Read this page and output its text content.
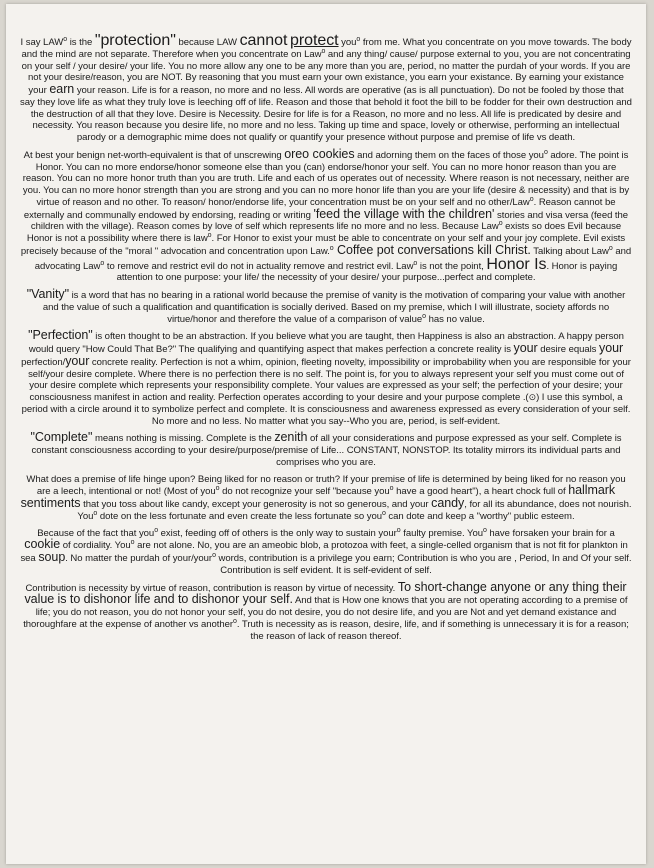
I say LAW$^o$ is the "protection" because LAW cannot protect you$^o$ from me. What you concentrate on you move towards. The body and the mind are not separate. Therefore when you concentrate on Law$^o$ and any thing/ cause/ purpose external to you, you are not concentrating on your self / your desire/ your life. You no more allow any one to be any more than you are, period, no matter the purdah of your words. If you are not your desire/reason, you are NOT. By reasoning that you must earn your own existance, you earn your existance. By earning your existance your earn your reason. Life is for a reason, no more and no less. All words are operative (as is all punctuation). Do not be fooled by those that say they love life as what they truly love is leeching off of life. Reason and those that behold it foot the bill to be fodder for their own destruction and the destruction of all that they love. Desire is Necessity. Desire for life is for a Reason, no more and no less. All life is predicated by desire and necessity. You reason because you desire life, no more and no less. Taking up time and space, lovely or otherwise, performing an intellectual parody or a demographic mime does not qualify or quantify your presence without purpose and premise of life vs death.

At best your benign net-worth-equivalent is that of unscrewing oreo cookies and adorning them on the faces of those you$^o$ adore. The point is Honor. You can no more endorse/honor someone else than you (can) endorse/honor your self. You can no more honor reason than you are reason. You can no more honor truth than you are truth. Life and each of us operates out of necessity. Where reason is not necessary, neither are you. You can no more honor strength than you are strong and you can no more honor life than you are your life (desire & necessity) and that is by virtue of reason and no other. To reason/ honor/endorse life, your concentration must be on your self and no other/Law$^o$. Reason cannot be externally and communally endowed by endorsing, reading or writing 'feed the village with the children' stories and visa versa (feed the children with the village). Reason comes by love of self which represents life no more and no less. Because Law$^o$ exists so does Evil because Honor is not a possibility where there is law$^o$. For Honor to exist your must be able to concentrate on your self and your joy complete. Evil exists precisely because of the "moral " advocation and concentration upon Law.$^o$ Coffee pot conversations kill Christ. Talking about Law$^o$ and advocating Law$^o$ to remove and restrict evil do not in actuality remove and restrict evil. Law$^o$ is not the point, Honor Is. Honor is paying attention to one purpose: your life/ the necessity of your desire/ your purpose...perfect and complete.

"Vanity" is a word that has no bearing in a rational world because the premise of vanity is the motivation of comparing your value with another and the value of such a qualification and quantification is socially derived. Based on my premise, which I will illustrate, society affords no virtue/honor and therefore the value of a comparison of value$^o$ has no value.

"Perfection" is often thought to be an abstraction. If you believe what you are taught, then Happiness is also an abstraction. A happy person would query "How Could That Be?" The qualifying and quantifying aspect that makes perfection a concrete reality is your desire equals your perfection/your concrete reality. Perfection is not a whim, opinion, fleeting novelty, impossibility or improbability when you are responsible for your self/your desire complete. Where there is no perfection there is no self. The point is, for you to always represent your self you must come out of your desire complete which represents your responsibility complete. Your values are expressed as your self; the perfection of your desire; your consciousness manifest in action and reality. Perfection operates according to your desire and your purpose complete .(⊙) I use this symbol, a period with a circle around it to symbolize perfect and complete. It is consciousness and awareness expressed as every consideration of your self. No more and no less. No matter what you say--Who you are, period, is self-evident.

"Complete" means nothing is missing. Complete is the zenith of all your considerations and purpose expressed as your self. Complete is constant consciousness according to your desire/purpose/premise of Life... CONSTANT, NONSTOP. Its totality mirrors its individual parts and comprises who you are.

What does a premise of life hinge upon? Being liked for no reason or truth? If your premise of life is determined by being liked for no reason you are a leech, intentional or not! (Most of you$^o$ do not recognize your self "because you$^o$ have a good heart"), a heart chock full of hallmark sentiments that you toss about like candy, except your generosity is not so generous, and your candy, for all its abundance, does not nourish. You$^o$ dote on the less fortunate and even create the less fortunate so you$^o$ can dote and keep a "worthy" public esteem.

Because of the fact that you$^o$ exist, feeding off of others is the only way to sustain your$^o$ faulty premise. You$^o$ have forsaken your brain for a cookie of cordiality. You$^o$ are not alone. No, you are an ameobic blob, a protozoa with feet, a single-celled organism that is not fit for plankton in sea soup. No matter the purdah of your/your$^o$ words, contribution is a privilege you earn; Contribution is who you are , Period, In and Of your self. Contribution is self evident. It is self-evident of self.

Contribution is necessity by virtue of reason, contribution is reason by virtue of necessity. To short-change anyone or any thing their value is to dishonor life and to dishonor your self. And that is How one knows that you are not operating according to a premise of life; you do not reason, you do not honor your self, you do not desire, you do not desire life, and you are Not and yet demand existance and thoroughfare at the expense of another vs another$^o$. Truth is necessity as is reason, desire, life, and if something is unnecessary it is for a reason; the reason of lack of reason thereof.
